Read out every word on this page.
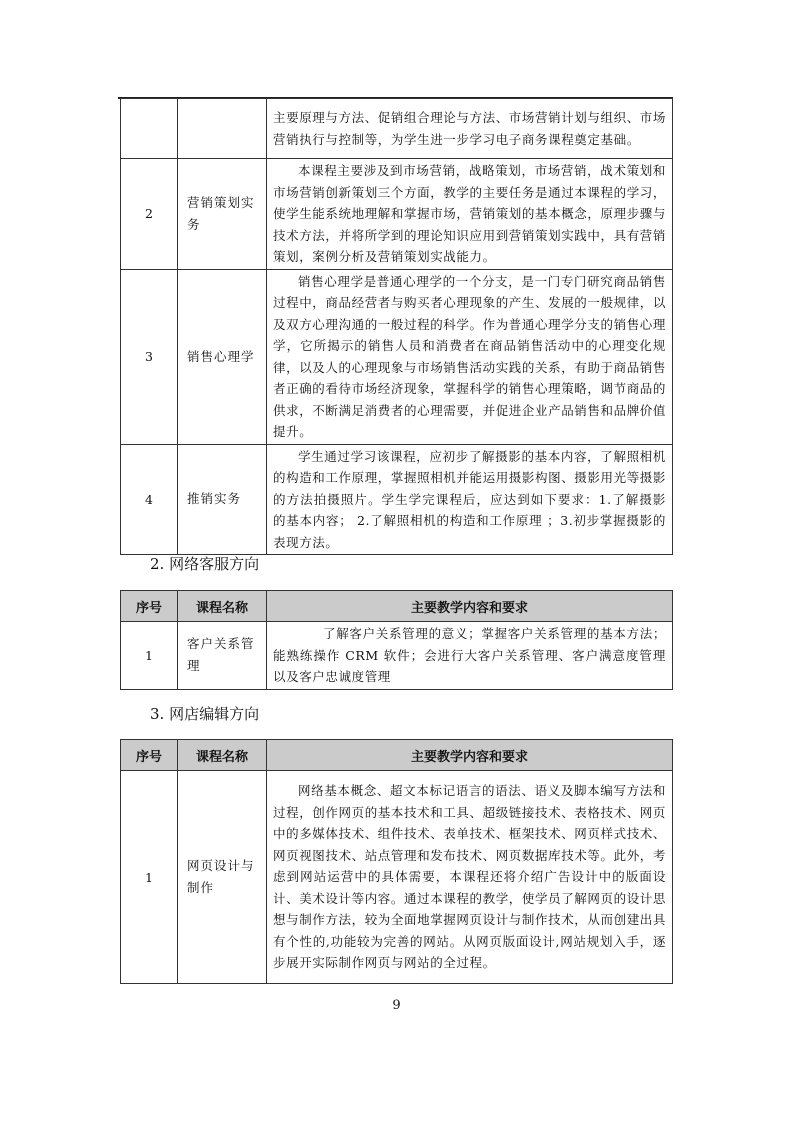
		主要原理与方法、促销组合理论与方法、市场营销计划与组织、市场营销执行与控制等，为学生进一步学习电子商务课程奠定基础。
2	营销策划实务	本课程主要涉及到市场营销，战略策划，市场营销，战术策划和市场营销创新策划三个方面，教学的主要任务是通过本课程的学习，使学生能系统地理解和掌握市场，营销策划的基本概念，原理步骤与技术方法，并将所学到的理论知识应用到营销策划实践中，具有营销策划，案例分析及营销策划实战能力。
3	销售心理学	销售心理学是普通心理学的一个分支，是一门专门研究商品销售过程中，商品经营者与购买者心理现象的产生、发展的一般规律，以及双方心理沟通的一般过程的科学。作为普通心理学分支的销售心理学，它所揭示的销售人员和消费者在商品销售活动中的心理变化规律，以及人的心理现象与市场销售活动实践的关系，有助于商品销售者正确的看待市场经济现象，掌握科学的销售心理策略，调节商品的供求，不断满足消费者的心理需要，并促进企业产品销售和品牌价值提升。
4	推销实务	学生通过学习该课程，应初步了解摄影的基本内容，了解照相机的构造和工作原理，掌握照相机并能运用摄影构图、摄影用光等摄影的方法拍摄照片。学生学完课程后，应达到如下要求：1.了解摄影的基本内容； 2.了解照相机的构造和工作原理 ；3.初步掌握摄影的表现方法。
2. 网络客服方向
序号	课程名称	主要教学内容和要求
1	客户关系管理	了解客户关系管理的意义；掌握客户关系管理的基本方法；能熟练操作 CRM 软件；会进行大客户关系管理、客户满意度管理以及客户忠诚度管理
3. 网店编辑方向
序号	课程名称	主要教学内容和要求
1	网页设计与制作	网络基本概念、超文本标记语言的语法、语义及脚本编写方法和过程，创作网页的基本技术和工具、超级链接技术、表格技术、网页中的多媒体技术、组件技术、表单技术、框架技术、网页样式技术、网页视图技术、站点管理和发布技术、网页数据库技术等。此外，考虑到网站运营中的具体需要，本课程还将介绍广告设计中的版面设计、美术设计等内容。通过本课程的教学，使学员了解网页的设计思想与制作方法，较为全面地掌握网页设计与制作技术，从而创建出具有个性的,功能较为完善的网站。从网页版面设计,网站规划入手，逐步展开实际制作网页与网站的全过程。
9
